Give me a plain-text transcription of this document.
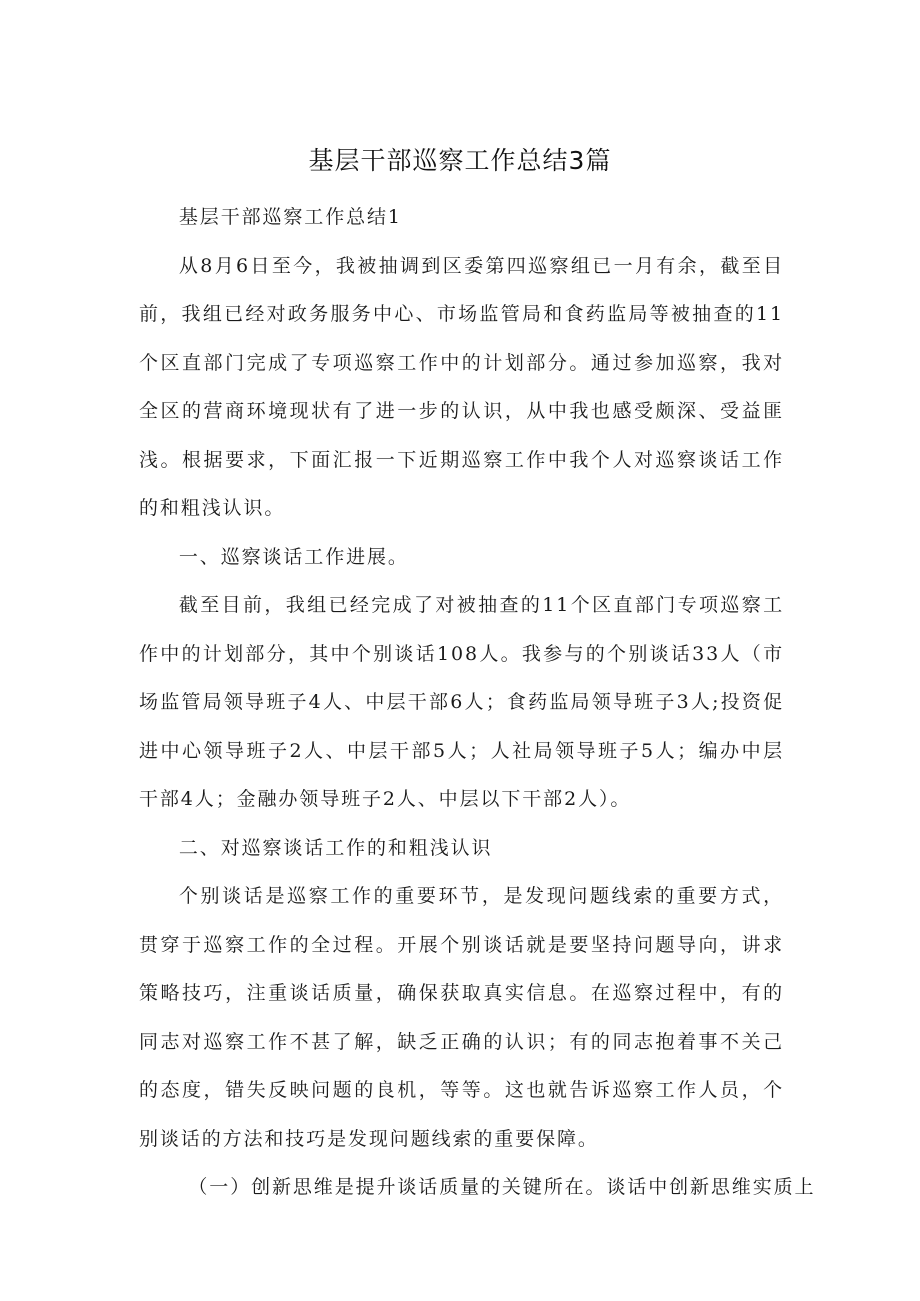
基层干部巡察工作总结3篇

基层干部巡察工作总结1

从8月6日至今，我被抽调到区委第四巡察组已一月有余，截至目前，我组已经对政务服务中心、市场监管局和食药监局等被抽查的11个区直部门完成了专项巡察工作中的计划部分。通过参加巡察，我对全区的营商环境现状有了进一步的认识，从中我也感受颇深、受益匪浅。根据要求，下面汇报一下近期巡察工作中我个人对巡察谈话工作的和粗浅认识。

一、巡察谈话工作进展。

截至目前，我组已经完成了对被抽查的11个区直部门专项巡察工作中的计划部分，其中个别谈话108人。我参与的个别谈话33人（市场监管局领导班子4人、中层干部6人；食药监局领导班子3人;投资促进中心领导班子2人、中层干部5人；人社局领导班子5人；编办中层干部4人；金融办领导班子2人、中层以下干部2人）。

二、对巡察谈话工作的和粗浅认识

个别谈话是巡察工作的重要环节，是发现问题线索的重要方式，贯穿于巡察工作的全过程。开展个别谈话就是要坚持问题导向，讲求策略技巧，注重谈话质量，确保获取真实信息。在巡察过程中，有的同志对巡察工作不甚了解，缺乏正确的认识；有的同志抱着事不关己的态度，错失反映问题的良机，等等。这也就告诉巡察工作人员，个别谈话的方法和技巧是发现问题线索的重要保障。

（一）创新思维是提升谈话质量的关键所在。谈话中创新思维实质上
